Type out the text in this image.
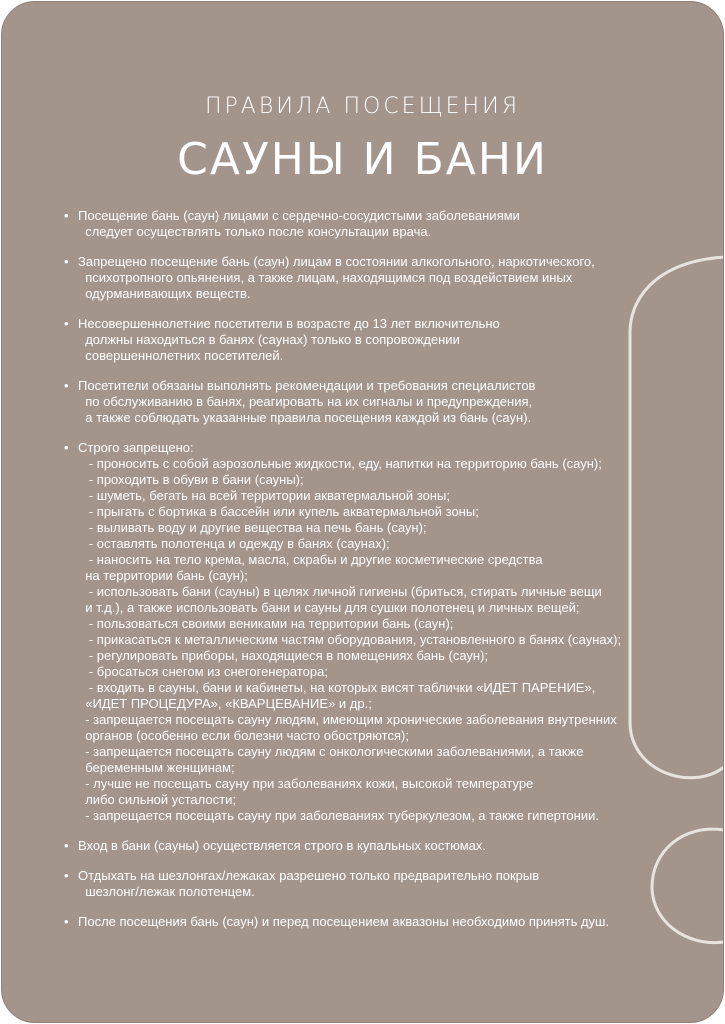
ПРАВИЛА ПОСЕЩЕНИЯ
САУНЫ И БАНИ
• Посещение бань (саун) лицами с сердечно-сосудистыми заболеваниями
следует осуществлять только после консультации врача.
• Запрещено посещение бань (саун) лицам в состоянии алкогольного, наркотического,
психотропного опьянения, а также лицам, находящимся под воздействием иных
одурманивающих веществ.
• Несовершеннолетние посетители в возрасте до 13 лет включительно
должны находиться в банях (саунах) только в сопровождении
совершеннолетних посетителей.
• Посетители обязаны выполнять рекомендации и требования специалистов
по обслуживанию в банях, реагировать на их сигналы и предупреждения,
а также соблюдать указанные правила посещения каждой из бань (саун).
• Строго запрещено:
- проносить с собой аэрозольные жидкости, еду, напитки на территорию бань (саун);
- проходить в обуви в бани (сауны);
- шуметь, бегать на всей территории акватермальной зоны;
- прыгать с бортика в бассейн или купель акватермальной зоны;
- выливать воду и другие вещества на печь бань (саун);
- оставлять полотенца и одежду в банях (саунах);
- наносить на тело крема, масла, скрабы и другие косметические средства
на территории бань (саун);
- использовать бани (сауны) в целях личной гигиены (бриться, стирать личные вещи
и т.д.), а также использовать бани и сауны для сушки полотенец и личных вещей;
- пользоваться своими вениками на территории бань (саун);
- прикасаться к металлическим частям оборудования, установленного в банях (саунах);
- регулировать приборы, находящиеся в помещениях бань (саун);
- бросаться снегом из снегогенератора;
- входить в сауны, бани и кабинеты, на которых висят таблички «ИДЕТ ПАРЕНИЕ»,
«ИДЕТ ПРОЦЕДУРА», «КВАРЦЕВАНИЕ» и др.;
- запрещается посещать сауну людям, имеющим хронические заболевания внутренних
органов (особенно если болезни часто обостряются);
- запрещается посещать сауну людям с онкологическими заболеваниями, а также
беременным женщинам;
- лучше не посещать сауну при заболеваниях кожи, высокой температуре
либо сильной усталости;
- запрещается посещать сауну при заболеваниях туберкулезом, а также гипертонии.
• Вход в бани (сауны) осуществляется строго в купальных костюмах.
• Отдыхать на шезлонгах/лежаках разрешено только предварительно покрыв
шезлонг/лежак полотенцем.
• После посещения бань (саун) и перед посещением аквазоны необходимо принять душ.
